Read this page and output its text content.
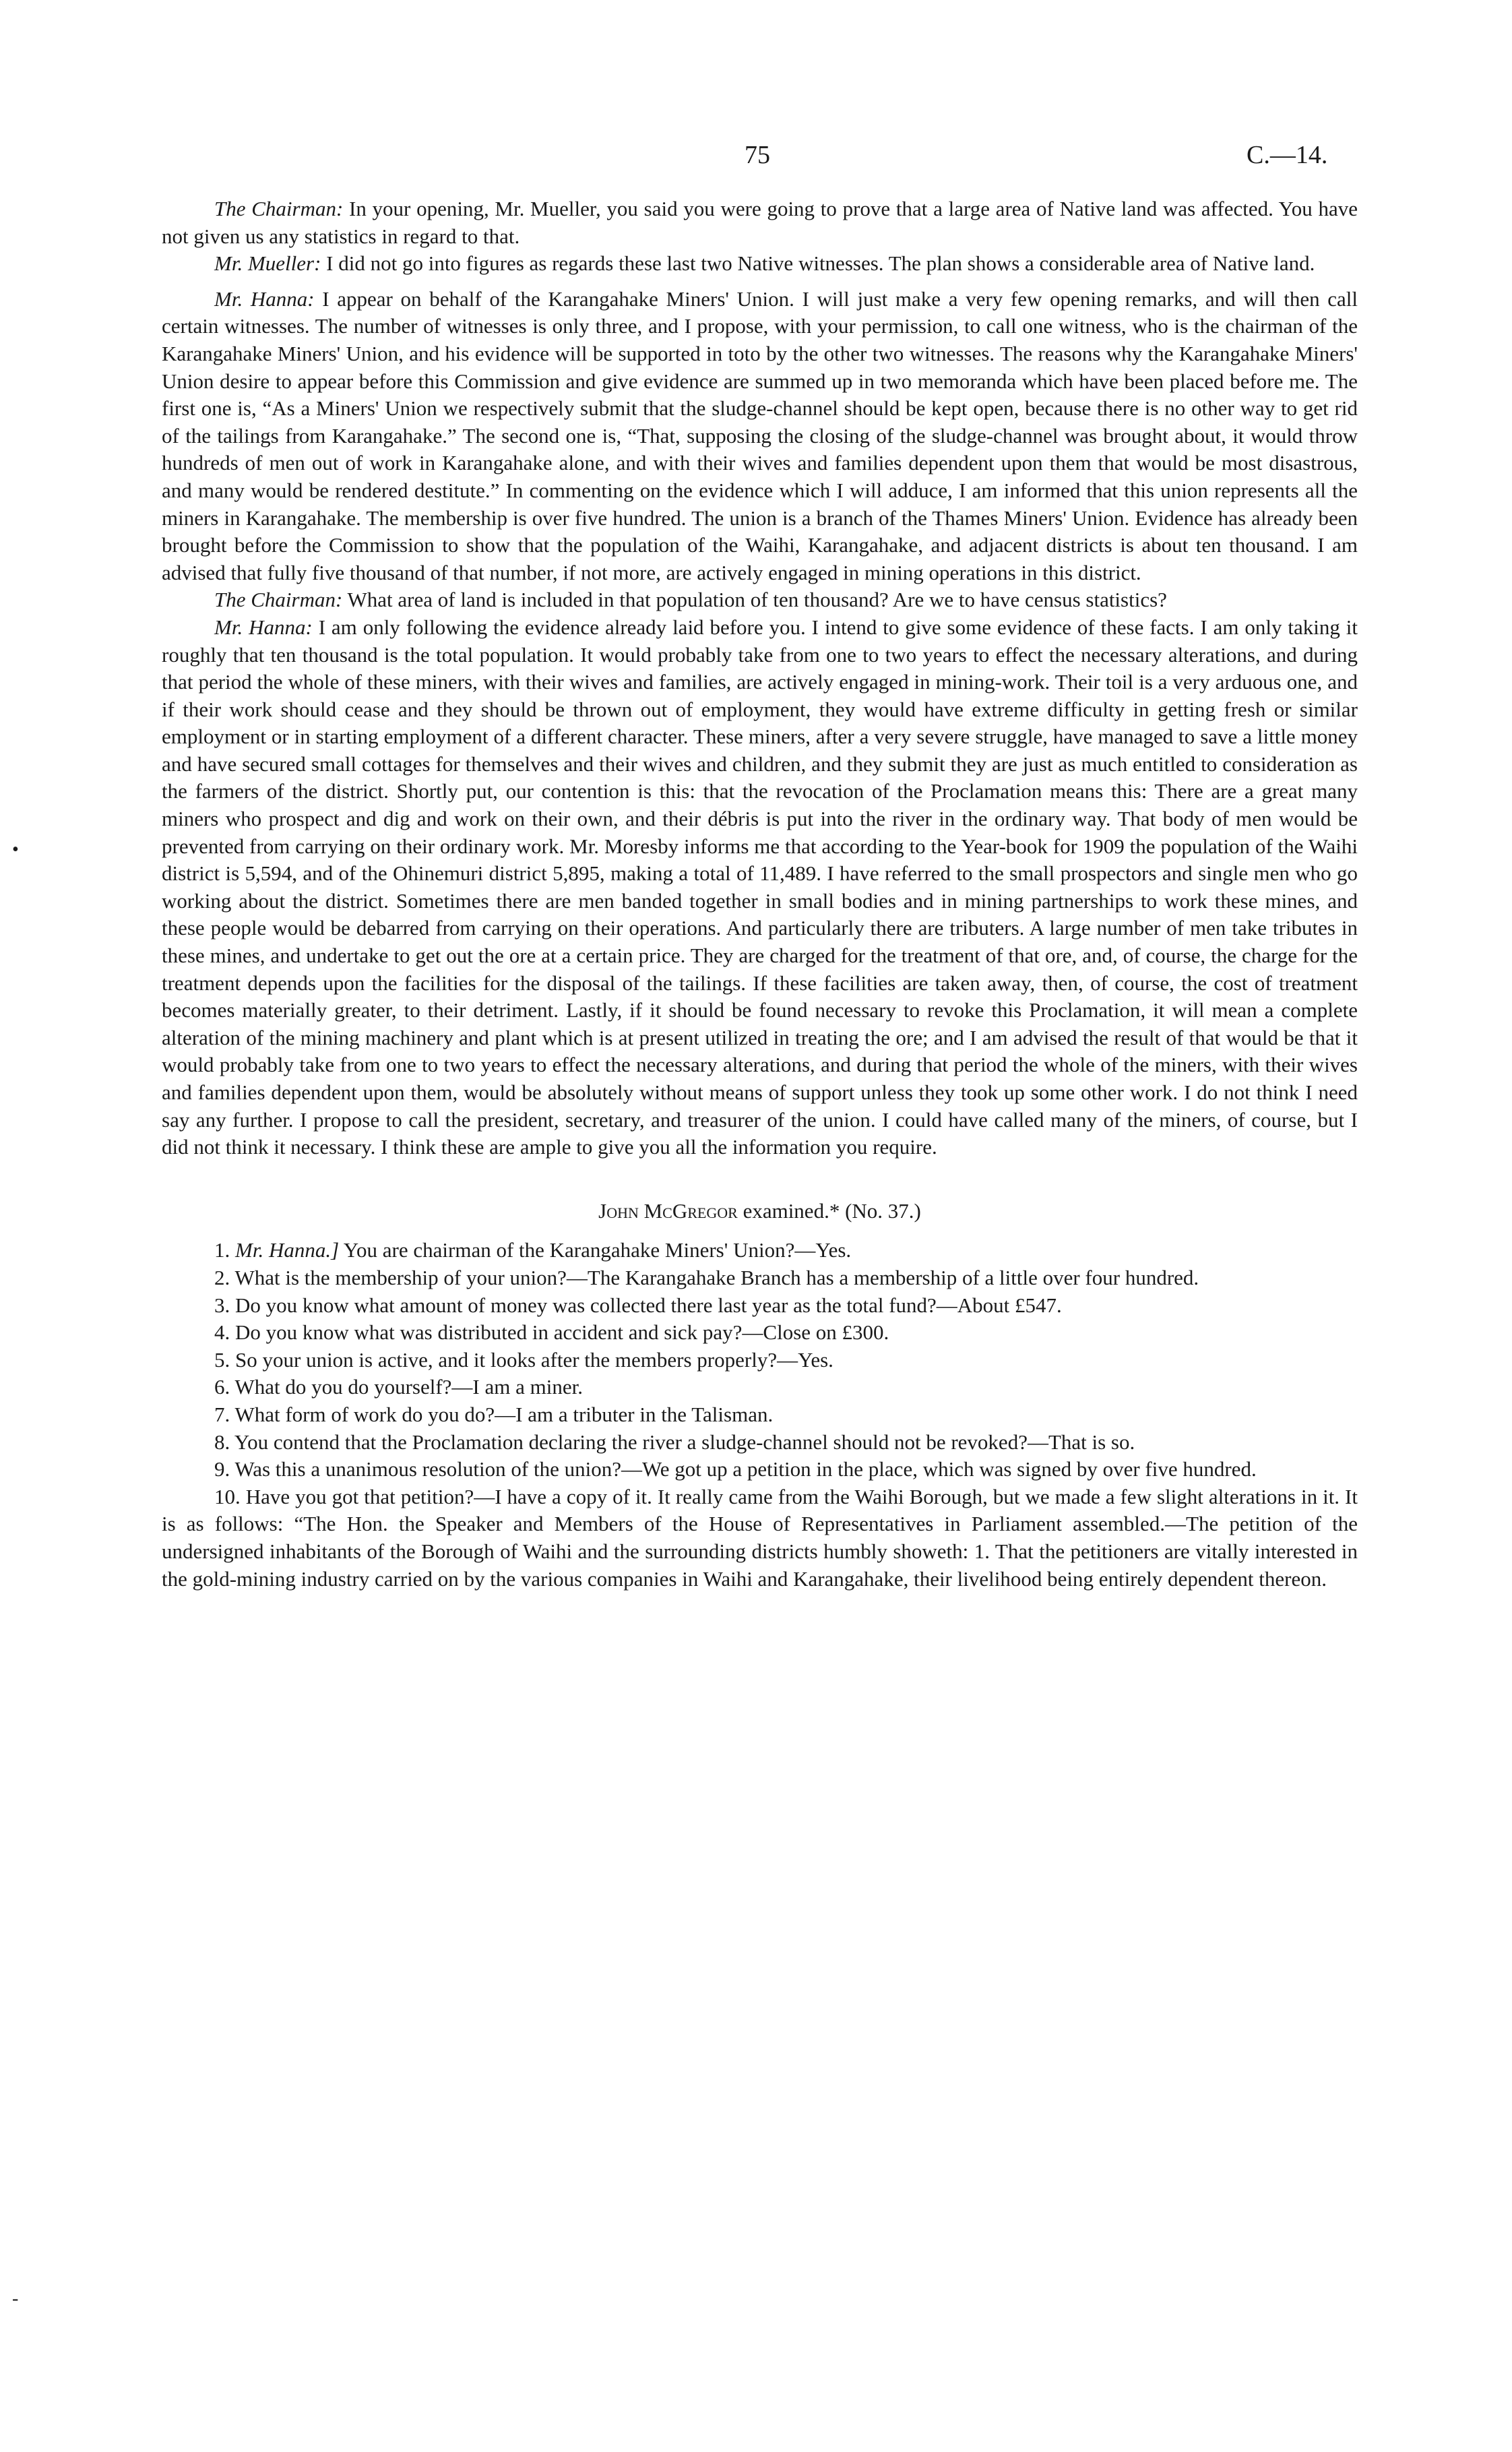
75	C.—14.
•
-

The Chairman: In your opening, Mr. Mueller, you said you were going to prove that a large area of Native land was affected. You have not given us any statistics in regard to that.

Mr. Mueller: I did not go into figures as regards these last two Native witnesses. The plan shows a considerable area of Native land.

Mr. Hanna: I appear on behalf of the Karangahake Miners' Union. I will just make a very few opening remarks, and will then call certain witnesses. The number of witnesses is only three, and I propose, with your permission, to call one witness, who is the chairman of the Karangahake Miners' Union, and his evidence will be supported in toto by the other two witnesses. The reasons why the Karangahake Miners' Union desire to appear before this Commission and give evidence are summed up in two memoranda which have been placed before me. The first one is, “As a Miners' Union we respectively submit that the sludge-channel should be kept open, because there is no other way to get rid of the tailings from Karangahake.” The second one is, “That, supposing the closing of the sludge-channel was brought about, it would throw hundreds of men out of work in Karangahake alone, and with their wives and families dependent upon them that would be most disastrous, and many would be rendered destitute.” In commenting on the evidence which I will adduce, I am informed that this union represents all the miners in Karangahake. The membership is over five hundred. The union is a branch of the Thames Miners' Union. Evidence has already been brought before the Commission to show that the population of the Waihi, Karangahake, and adjacent districts is about ten thousand. I am advised that fully five thousand of that number, if not more, are actively engaged in mining operations in this district.

The Chairman: What area of land is included in that population of ten thousand? Are we to have census statistics?

Mr. Hanna: I am only following the evidence already laid before you. I intend to give some evidence of these facts. I am only taking it roughly that ten thousand is the total population. It would probably take from one to two years to effect the necessary alterations, and during that period the whole of these miners, with their wives and families, are actively engaged in mining-work. Their toil is a very arduous one, and if their work should cease and they should be thrown out of employment, they would have extreme difficulty in getting fresh or similar employment or in starting employment of a different character. These miners, after a very severe struggle, have managed to save a little money and have secured small cottages for themselves and their wives and children, and they submit they are just as much entitled to consideration as the farmers of the district. Shortly put, our contention is this: that the revocation of the Proclamation means this: There are a great many miners who prospect and dig and work on their own, and their débris is put into the river in the ordinary way. That body of men would be prevented from carrying on their ordinary work. Mr. Moresby informs me that according to the Year-book for 1909 the population of the Waihi district is 5,594, and of the Ohinemuri district 5,895, making a total of 11,489. I have referred to the small prospectors and single men who go working about the district. Sometimes there are men banded together in small bodies and in mining partnerships to work these mines, and these people would be debarred from carrying on their operations. And particularly there are tributers. A large number of men take tributes in these mines, and undertake to get out the ore at a certain price. They are charged for the treatment of that ore, and, of course, the charge for the treatment depends upon the facilities for the disposal of the tailings. If these facilities are taken away, then, of course, the cost of treatment becomes materially greater, to their detriment. Lastly, if it should be found necessary to revoke this Proclamation, it will mean a complete alteration of the mining machinery and plant which is at present utilized in treating the ore; and I am advised the result of that would be that it would probably take from one to two years to effect the necessary alterations, and during that period the whole of the miners, with their wives and families dependent upon them, would be absolutely without means of support unless they took up some other work. I do not think I need say any further. I propose to call the president, secretary, and treasurer of the union. I could have called many of the miners, of course, but I did not think it necessary. I think these are ample to give you all the information you require.

John McGregor examined.* (No. 37.)

1. Mr. Hanna.] You are chairman of the Karangahake Miners' Union?—Yes.

2. What is the membership of your union?—The Karangahake Branch has a membership of a little over four hundred.

3. Do you know what amount of money was collected there last year as the total fund?—About £547.

4. Do you know what was distributed in accident and sick pay?—Close on £300.

5. So your union is active, and it looks after the members properly?—Yes.

6. What do you do yourself?—I am a miner.

7. What form of work do you do?—I am a tributer in the Talisman.

8. You contend that the Proclamation declaring the river a sludge-channel should not be revoked?—That is so.

9. Was this a unanimous resolution of the union?—We got up a petition in the place, which was signed by over five hundred.

10. Have you got that petition?—I have a copy of it. It really came from the Waihi Borough, but we made a few slight alterations in it. It is as follows: “The Hon. the Speaker and Members of the House of Representatives in Parliament assembled.—The petition of the undersigned inhabitants of the Borough of Waihi and the surrounding districts humbly showeth: 1. That the petitioners are vitally interested in the gold-mining industry carried on by the various companies in Waihi and Karangahake, their livelihood being entirely dependent thereon.
